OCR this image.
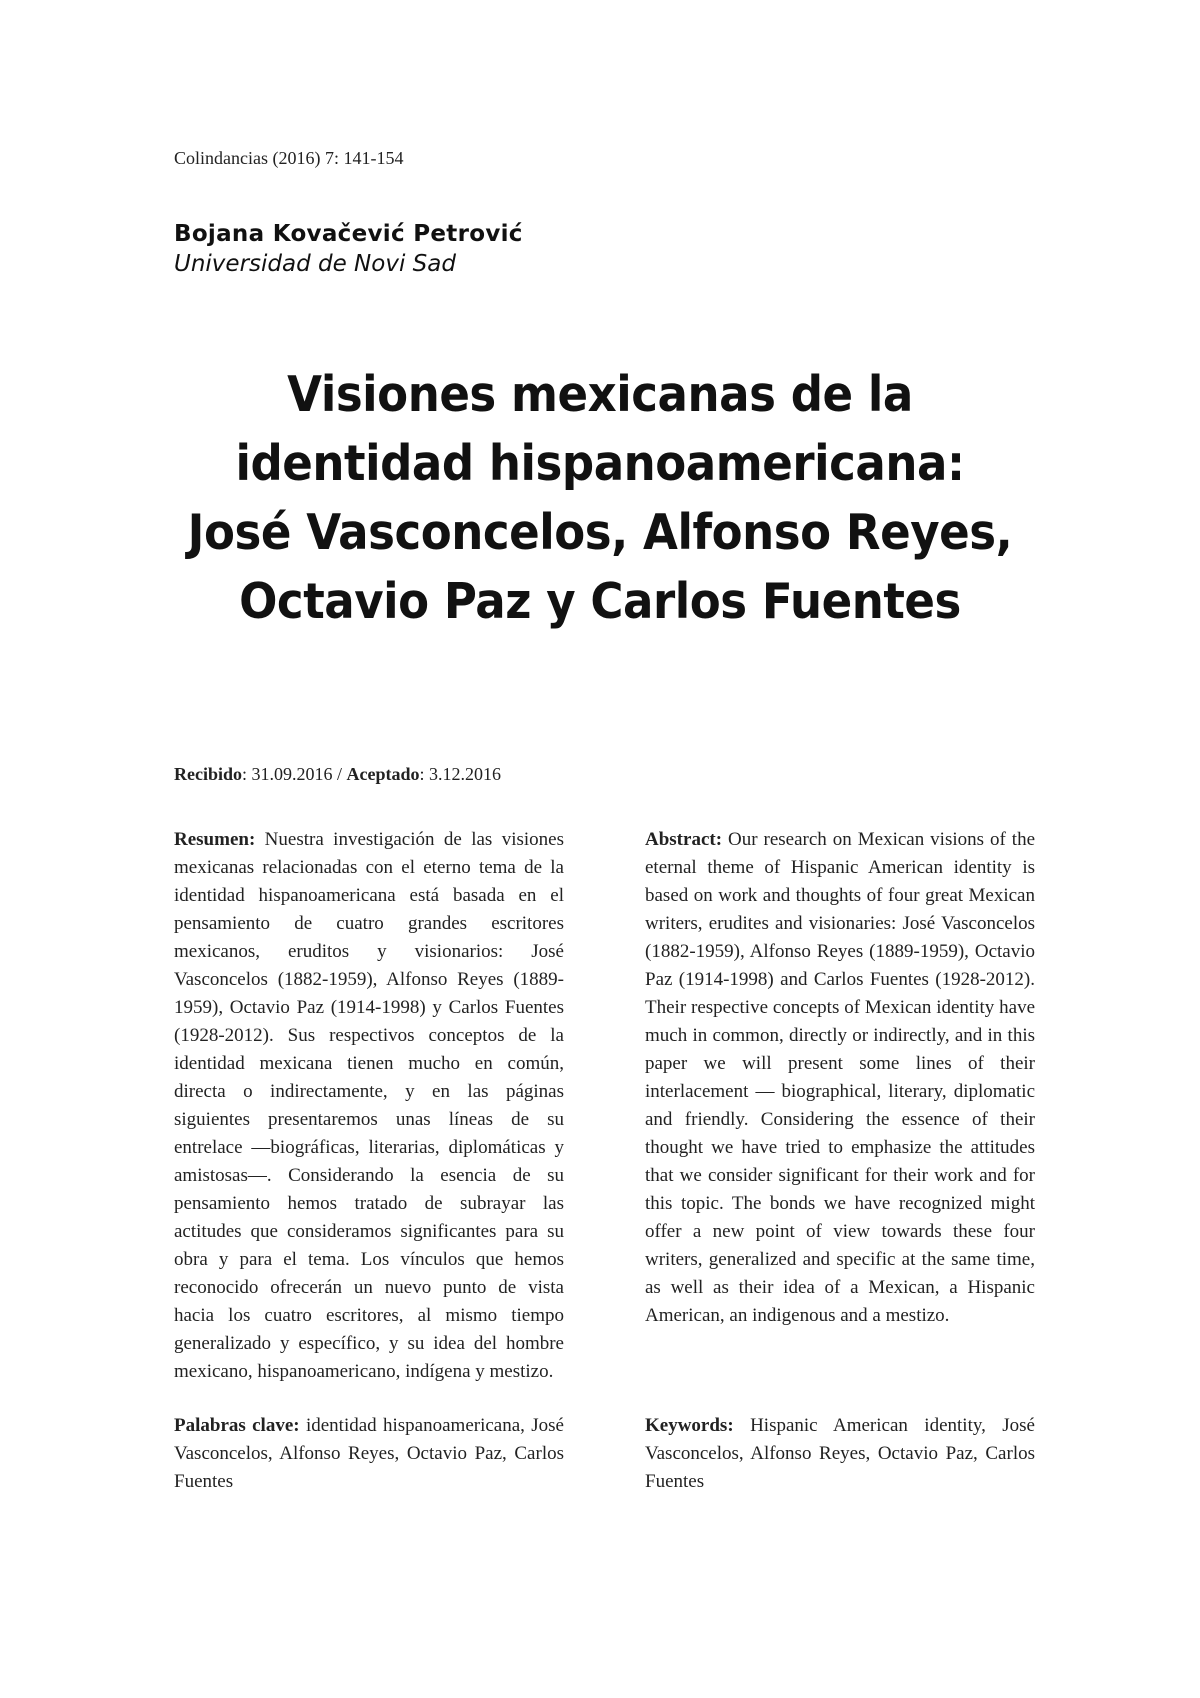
Colindancias (2016) 7: 141-154
Bojana Kovačević Petrović
Universidad de Novi Sad
Visiones mexicanas de la
identidad hispanoamericana:
José Vasconcelos, Alfonso Reyes,
Octavio Paz y Carlos Fuentes
Recibido: 31.09.2016 / Aceptado: 3.12.2016
Resumen: Nuestra investigación de las visiones mexicanas relacionadas con el eterno tema de la identidad hispanoamericana está basada en el pensamiento de cuatro grandes escritores mexicanos, eruditos y visionarios: José Vasconcelos (1882-1959), Alfonso Reyes (1889-1959), Octavio Paz (1914-1998) y Carlos Fuentes (1928-2012). Sus respectivos conceptos de la identidad mexicana tienen mucho en común, directa o indirectamente, y en las páginas siguientes presentaremos unas líneas de su entrelace —biográficas, literarias, diplomáticas y amistosas—. Considerando la esencia de su pensamiento hemos tratado de subrayar las actitudes que consideramos significantes para su obra y para el tema. Los vínculos que hemos reconocido ofrecerán un nuevo punto de vista hacia los cuatro escritores, al mismo tiempo generalizado y específico, y su idea del hombre mexicano, hispanoamericano, indígena y mestizo.
Abstract: Our research on Mexican visions of the eternal theme of Hispanic American identity is based on work and thoughts of four great Mexican writers, erudites and visionaries: José Vasconcelos (1882-1959), Alfonso Reyes (1889-1959), Octavio Paz (1914-1998) and Carlos Fuentes (1928-2012). Their respective concepts of Mexican identity have much in common, directly or indirectly, and in this paper we will present some lines of their interlacement — biographical, literary, diplomatic and friendly. Considering the essence of their thought we have tried to emphasize the attitudes that we consider significant for their work and for this topic. The bonds we have recognized might offer a new point of view towards these four writers, generalized and specific at the same time, as well as their idea of a Mexican, a Hispanic American, an indigenous and a mestizo.
Palabras clave: identidad hispanoamericana, José Vasconcelos, Alfonso Reyes, Octavio Paz, Carlos Fuentes
Keywords: Hispanic American identity, José Vasconcelos, Alfonso Reyes, Octavio Paz, Carlos Fuentes
